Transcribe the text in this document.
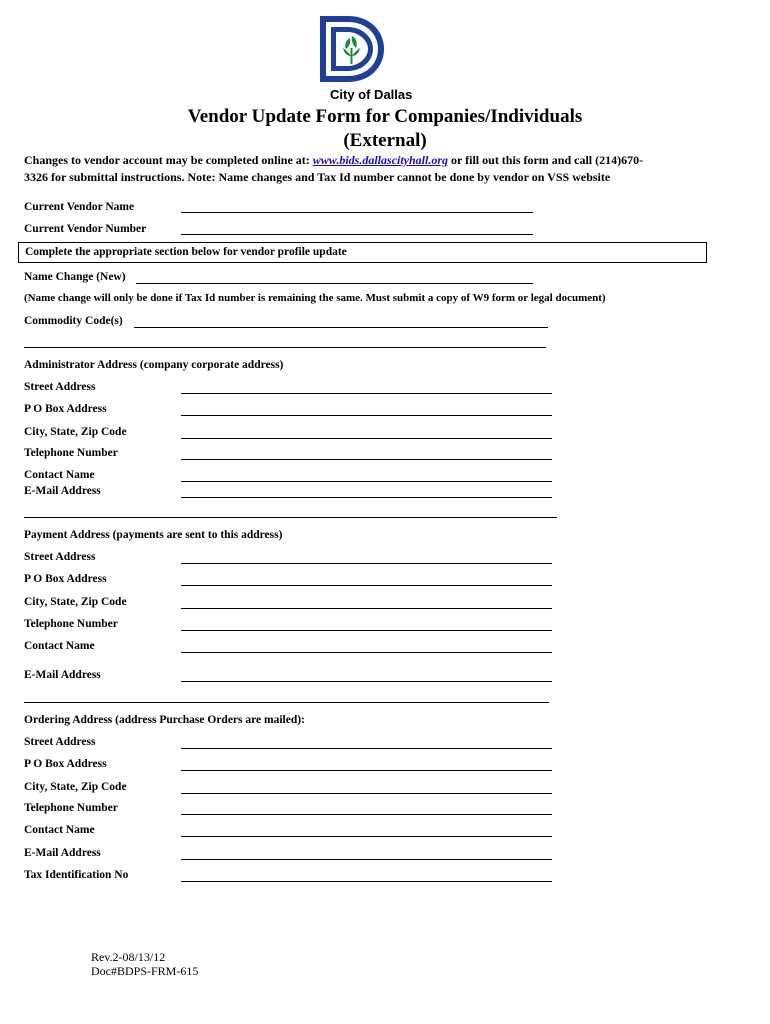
City of Dallas
Vendor Update Form for Companies/Individuals
(External)
Changes to vendor account may be completed online at: www.bids.dallascityhall.org or fill out this form and call (214)670-
3326 for submittal instructions. Note: Name changes and Tax Id number cannot be done by vendor on VSS website
Current Vendor Name
Current Vendor Number
Complete the appropriate section below for vendor profile update
Name Change (New)
(Name change will only be done if Tax Id number is remaining the same. Must submit a copy of W9 form or legal document)
Commodity Code(s)
Administrator Address (company corporate address)
Street Address
P O Box Address
City, State, Zip Code
Telephone Number
Contact Name
E-Mail Address
Payment Address (payments are sent to this address)
Street Address
P O Box Address
City, State, Zip Code
Telephone Number
Contact Name
E-Mail Address
Ordering Address (address Purchase Orders are mailed):
Street Address
P O Box Address
City, State, Zip Code
Telephone Number
Contact Name
E-Mail Address
Tax Identification No
Rev.2-08/13/12
Doc#BDPS-FRM-615
